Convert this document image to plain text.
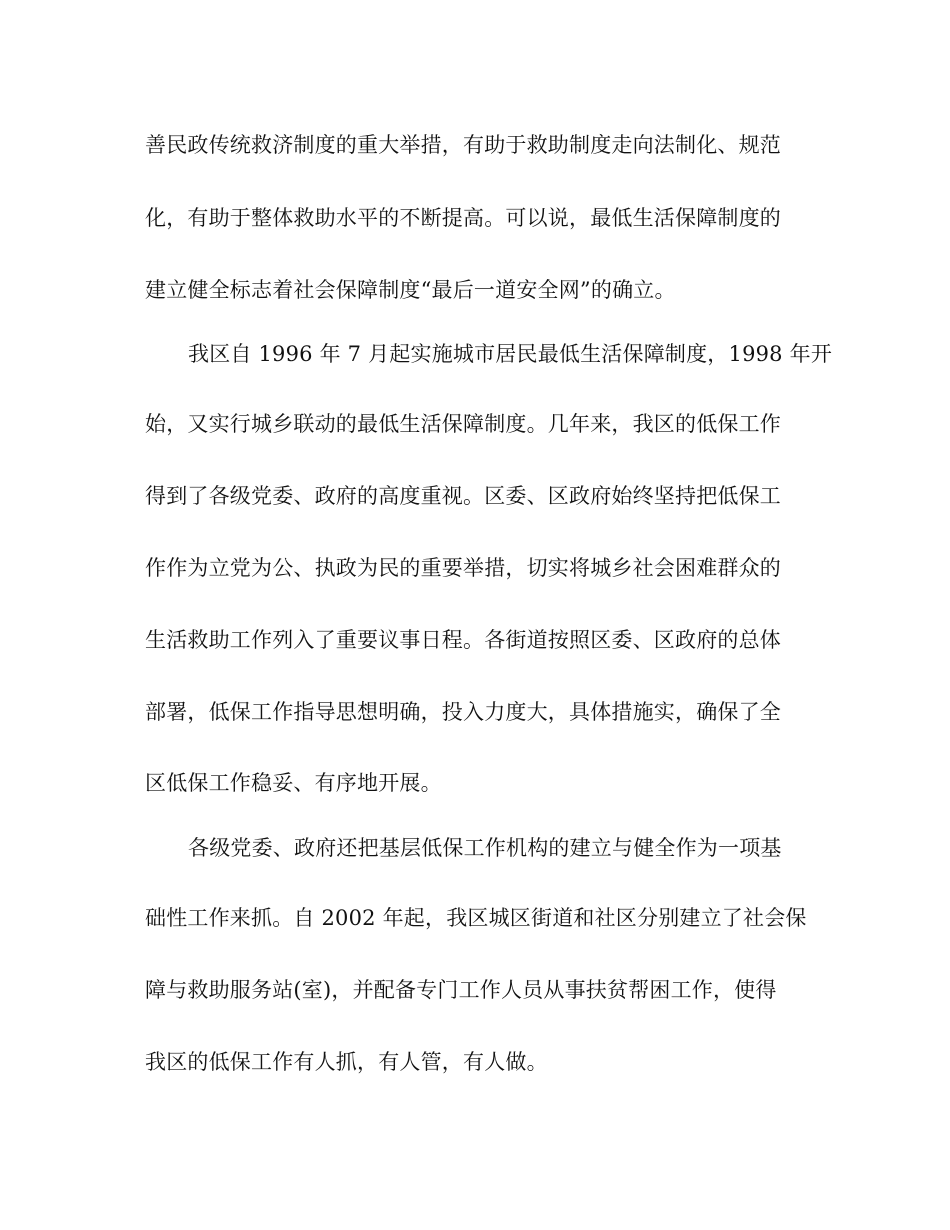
善民政传统救济制度的重大举措，有助于救助制度走向法制化、规范
化，有助于整体救助水平的不断提高。可以说，最低生活保障制度的
建立健全标志着社会保障制度“最后一道安全网”的确立。
我区自 1996 年 7 月起实施城市居民最低生活保障制度，1998 年开
始，又实行城乡联动的最低生活保障制度。几年来，我区的低保工作
得到了各级党委、政府的高度重视。区委、区政府始终坚持把低保工
作作为立党为公、执政为民的重要举措，切实将城乡社会困难群众的
生活救助工作列入了重要议事日程。各街道按照区委、区政府的总体
部署，低保工作指导思想明确，投入力度大，具体措施实，确保了全
区低保工作稳妥、有序地开展。
各级党委、政府还把基层低保工作机构的建立与健全作为一项基
础性工作来抓。自 2002 年起，我区城区街道和社区分别建立了社会保
障与救助服务站(室)，并配备专门工作人员从事扶贫帮困工作，使得
我区的低保工作有人抓，有人管，有人做。
